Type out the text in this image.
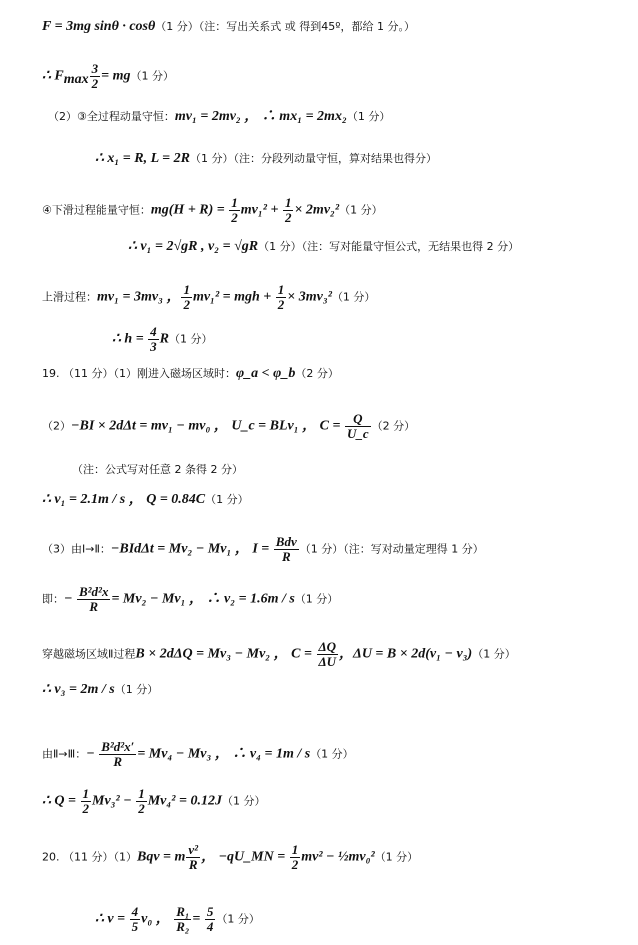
F = 3mg sinθ · cosθ（1 分）（注：写出关系式 或 得到45º，都给 1 分。）
∴ $F_{max} \frac{3}{2} = mg(1$ 分）
（2）③全过程动量守恒：mv₁ = 2mv₂ ， ∴ mx₁ = 2mx₂（1 分）
∴ x₁ = R, L = 2R（1 分）（注：分段列动量守恒，算对结果也得分）
④下滑过程能量守恒：$mg(H + R) = \frac{1}{2} mv_1^2 + \frac{1}{2} \times 2mv_2^2(1$ 分）
∴ v₁ = 2√gR , v₂ = √gR（1 分）（注：写对能量守恒公式，无结果也得 2 分）
上滑过程：mv₁ = 3mv₃ ， $\frac{1}{2} mv_1^2$ = mgh + $\frac{1}{2} \times 3mv_3^2(1$ 分）
∴ $h = \frac{4}{3} R(1$ 分）
19. （11 分）（1）刚进入磁场区域时：φ_a < φ_b（2 分）
（2）−BI × 2dΔt = mv₁ − mv₀ ， U_c = BLv₁ ， $C = \frac{Q}{U\_c} (2$ 分）
（注：公式写对任意 2 条得 2 分）
∴ v₁ = 2.1m / s ， Q = 0.84C（1 分）
（3）由Ⅰ→Ⅱ：−BIdΔt = Mv₂ − Mv₁ ， $I = \frac{\text{Bdv}}{R} (1$ 分）（注：写对动量定理得 1 分）
即：− $\frac{\text{B²d²x}}{R} = Mv_2 - Mv_1$ ， ∴ v₂ = 1.6m / s（1 分）
穿越磁场区域Ⅱ过程B × 2dΔQ = Mv₃ − Mv₂ ， $C = \frac{\Delta Q}{\Delta U}$ ，ΔU = B × 2d(v₁ − v₃)（1 分）
∴ v₃ = 2m / s（1 分）
由Ⅱ→Ⅲ：− $\frac{\text{B²d²x′}}{R} = Mv_4 - Mv_3$ ， ∴ v₄ = 1m / s（1 分）
∴ $Q = \frac{1}{2} Mv_3^2 - \frac{1}{2} Mv_4^2 = 0.12J(1$ 分）
20. （11 分）（1）Bqv = m $\frac{\text{v²}}{R}$ ， −qU_MN = $\frac{1}{2} mv^2$ − ½mv₀²（1 分）
∴ $v = \frac{4}{5} v_0$ ， $\frac{\text{R₁}}{\text{R₂}} = \frac{5}{4} (1$ 分）
